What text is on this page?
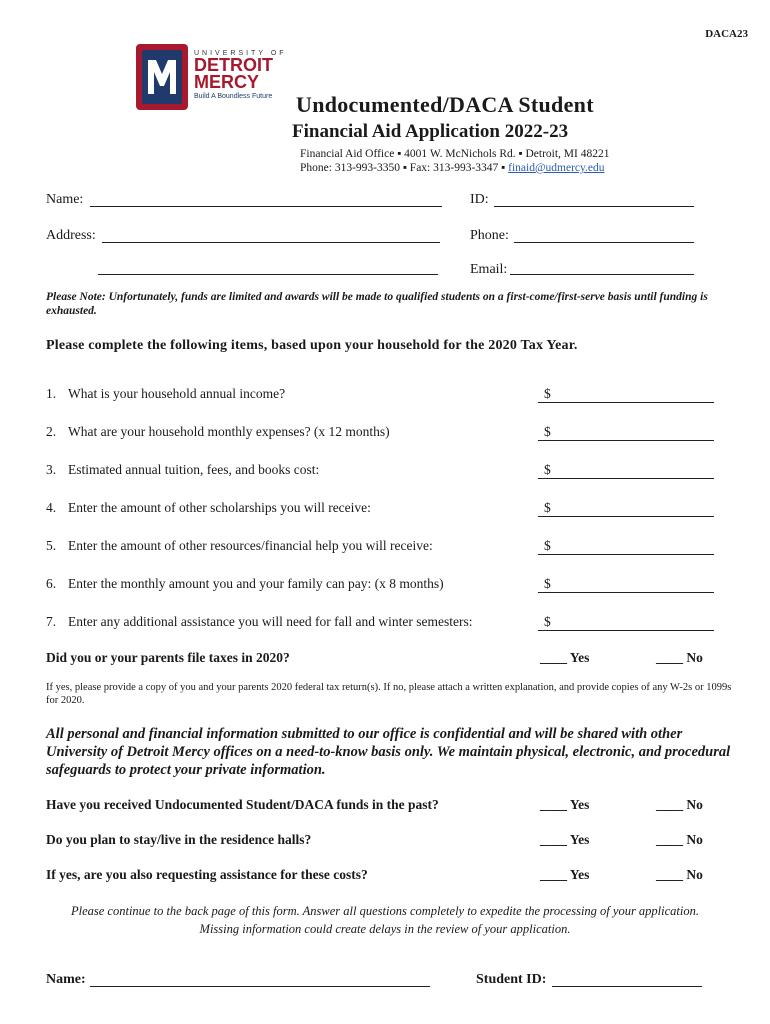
DACA23
UNIVERSITY OF
DETROIT
MERCY
Build A Boundless Future	Undocumented/DACA Student
Financial Aid Application 2022-23
Financial Aid Office ▪ 4001 W. McNichols Rd. ▪ Detroit, MI 48221
Phone: 313-993-3350 ▪ Fax: 313-993-3347 ▪ finaid@udmercy.edu
Name:	ID:
Address:	Phone:
Email:
Please Note: Unfortunately, funds are limited and awards will be made to qualified students on a first-come/first-serve basis until funding is exhausted.
Please complete the following items, based upon your household for the 2020 Tax Year.
1. What is your household annual income?	$
2. What are your household monthly expenses? (x 12 months)	$
3. Estimated annual tuition, fees, and books cost:	$
4. Enter the amount of other scholarships you will receive:	$
5. Enter the amount of other resources/financial help you will receive:	$
6. Enter the monthly amount you and your family can pay: (x 8 months)	$
7. Enter any additional assistance you will need for fall and winter semesters:	$
Did you or your parents file taxes in 2020?	____ Yes	____ No
If yes, please provide a copy of you and your parents 2020 federal tax return(s). If no, please attach a written explanation, and provide copies of any W-2s or 1099s for 2020.
All personal and financial information submitted to our office is confidential and will be shared with other University of Detroit Mercy offices on a need-to-know basis only. We maintain physical, electronic, and procedural safeguards to protect your private information.
Have you received Undocumented Student/DACA funds in the past?	____ Yes	____ No
Do you plan to stay/live in the residence halls?	____ Yes	____ No
If yes, are you also requesting assistance for these costs?	____ Yes	____ No
Please continue to the back page of this form. Answer all questions completely to expedite the processing of your application.
Missing information could create delays in the review of your application.
Name:	Student ID:
